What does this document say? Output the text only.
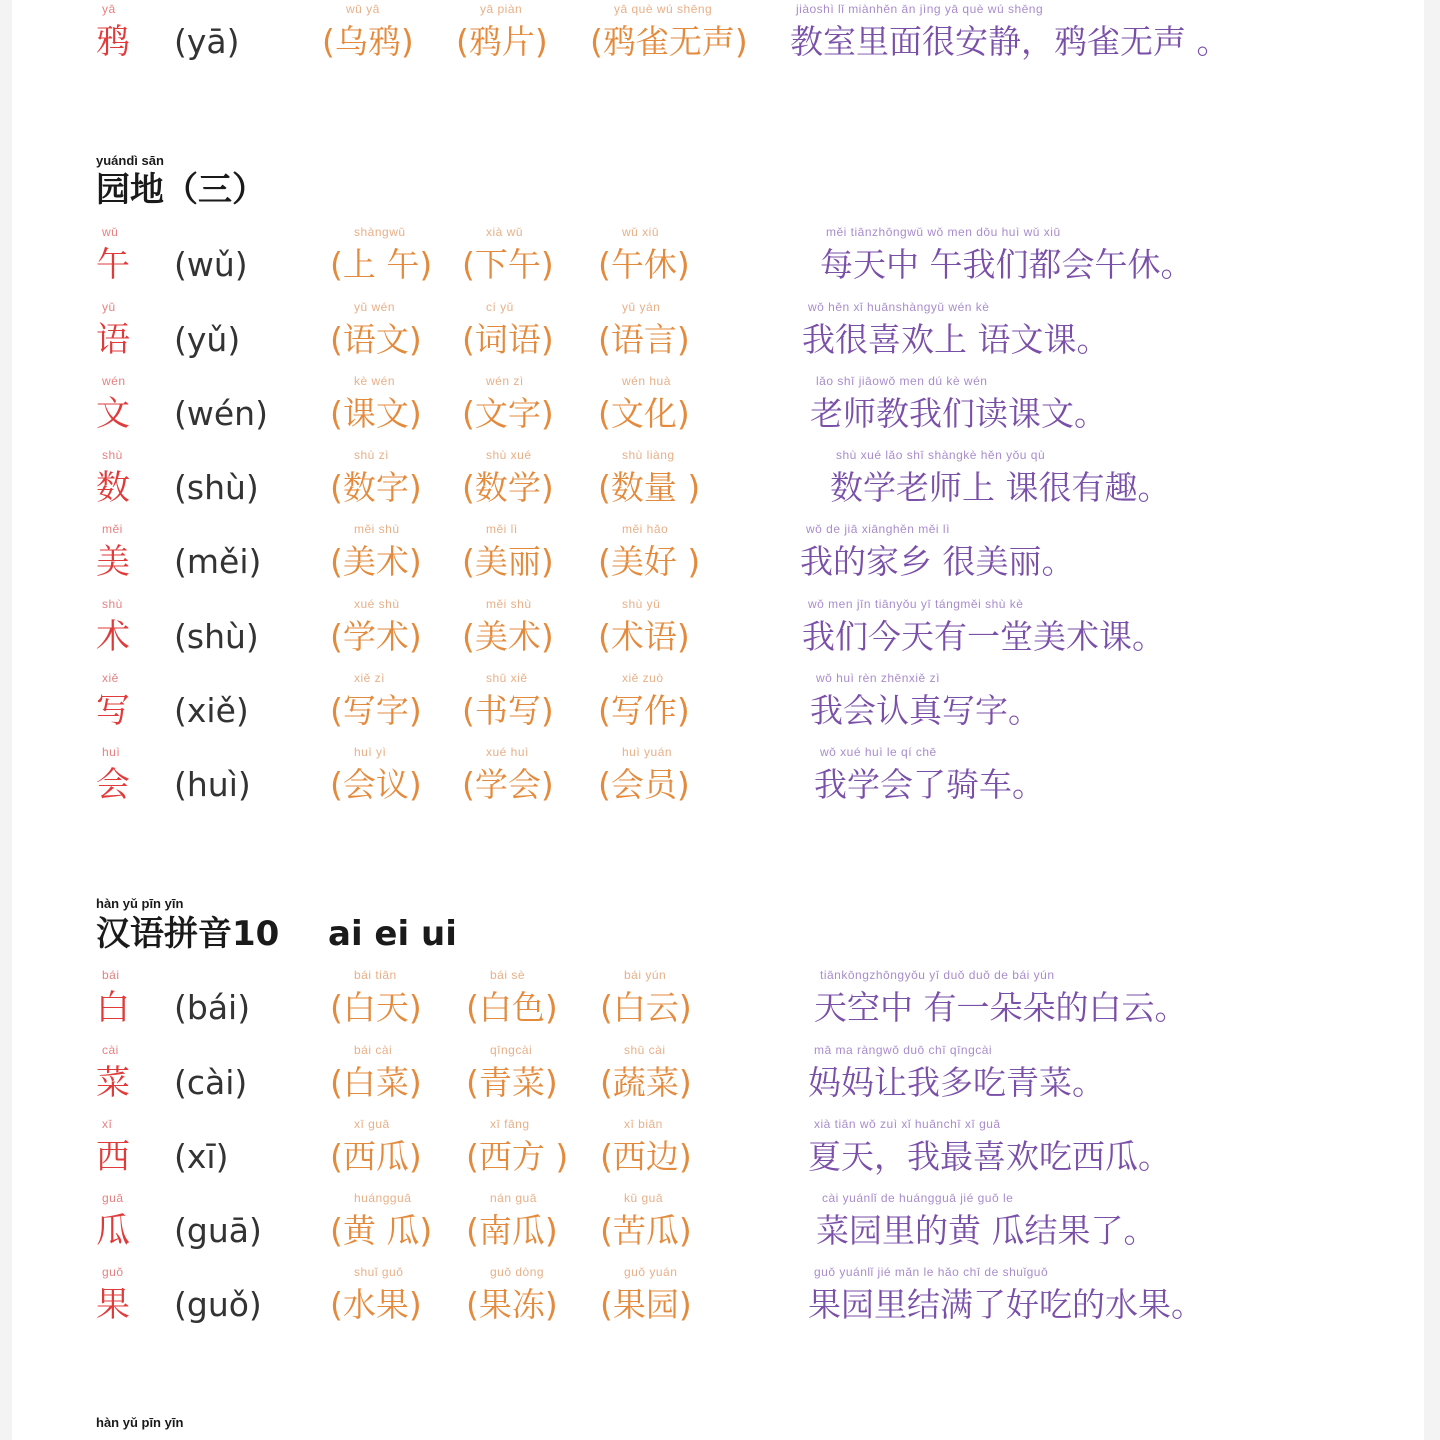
yā
鸦 (yā)
wū yā
(乌鸦)
yā piàn
(鸦片)
yā què wú shēng
(鸦雀无声)
jiàoshì lǐ miànhěn ān jìng yā què wú shēng
教室里面很安静，鸦雀无声 。
yuándì sān
园地（三）
wǔ
午 (wǔ)
shàngwǔ
(上 午)
xià wǔ
(下午)
wǔ xiū
(午休)
měi tiānzhōngwǔ wǒ men dōu huì wǔ xiū
每天中 午我们都会午休。
yǔ
语 (yǔ)
yǔ wén
(语文)
cí yǔ
(词语)
yǔ yán
(语言)
wǒ hěn xǐ huānshàngyǔ wén kè
我很喜欢上 语文课。
wén
文 (wén)
kè wén
(课文)
wén zì
(文字)
wén huà
(文化)
lǎo shī jiāowǒ men dú kè wén
老师教我们读课文。
shù
数 (shù)
shù zì
(数字)
shù xué
(数学)
shù liàng
(数量 )
shù xué lǎo shī shàngkè hěn yǒu qù
数学老师上 课很有趣。
měi
美 (měi)
měi shù
(美术)
měi lì
(美丽)
měi hǎo
(美好 )
wǒ de jiā xiānghěn měi lì
我的家乡 很美丽。
shù
术 (shù)
xué shù
(学术)
měi shù
(美术)
shù yǔ
(术语)
wǒ men jīn tiānyǒu yī tángměi shù kè
我们今天有一堂美术课。
xiě
写 (xiě)
xiě zì
(写字)
shū xiě
(书写)
xiě zuò
(写作)
wǒ huì rèn zhēnxiě zì
我会认真写字。
huì
会 (huì)
huì yì
(会议)
xué huì
(学会)
huì yuán
(会员)
wǒ xué huì le qí chē
我学会了骑车。
hàn yǔ pīn yīn
汉语拼音10 ai ei ui
bái
白 (bái)
bái tiān
(白天)
bái sè
(白色)
bái yún
(白云)
tiānkōngzhōngyǒu yī duǒ duǒ de bái yún
天空中 有一朵朵的白云。
cài
菜 (cài)
bái cài
(白菜)
qīngcài
(青菜)
shū cài
(蔬菜)
mā ma ràngwǒ duō chī qīngcài
妈妈让我多吃青菜。
xī
西 (xī)
xī guā
(西瓜)
xī fāng
(西方 )
xī biān
(西边)
xià tiān wǒ zuì xǐ huānchī xī guā
夏天，我最喜欢吃西瓜。
guā
瓜 (guā)
huángguā
(黄 瓜)
nán guā
(南瓜)
kǔ guā
(苦瓜)
cài yuánlǐ de huángguā jié guǒ le
菜园里的黄 瓜结果了。
guǒ
果 (guǒ)
shuǐ guǒ
(水果)
guǒ dòng
(果冻)
guǒ yuán
(果园)
guǒ yuánlǐ jié mǎn le hǎo chī de shuǐguǒ
果园里结满了好吃的水果。
hàn yǔ pīn yīn
